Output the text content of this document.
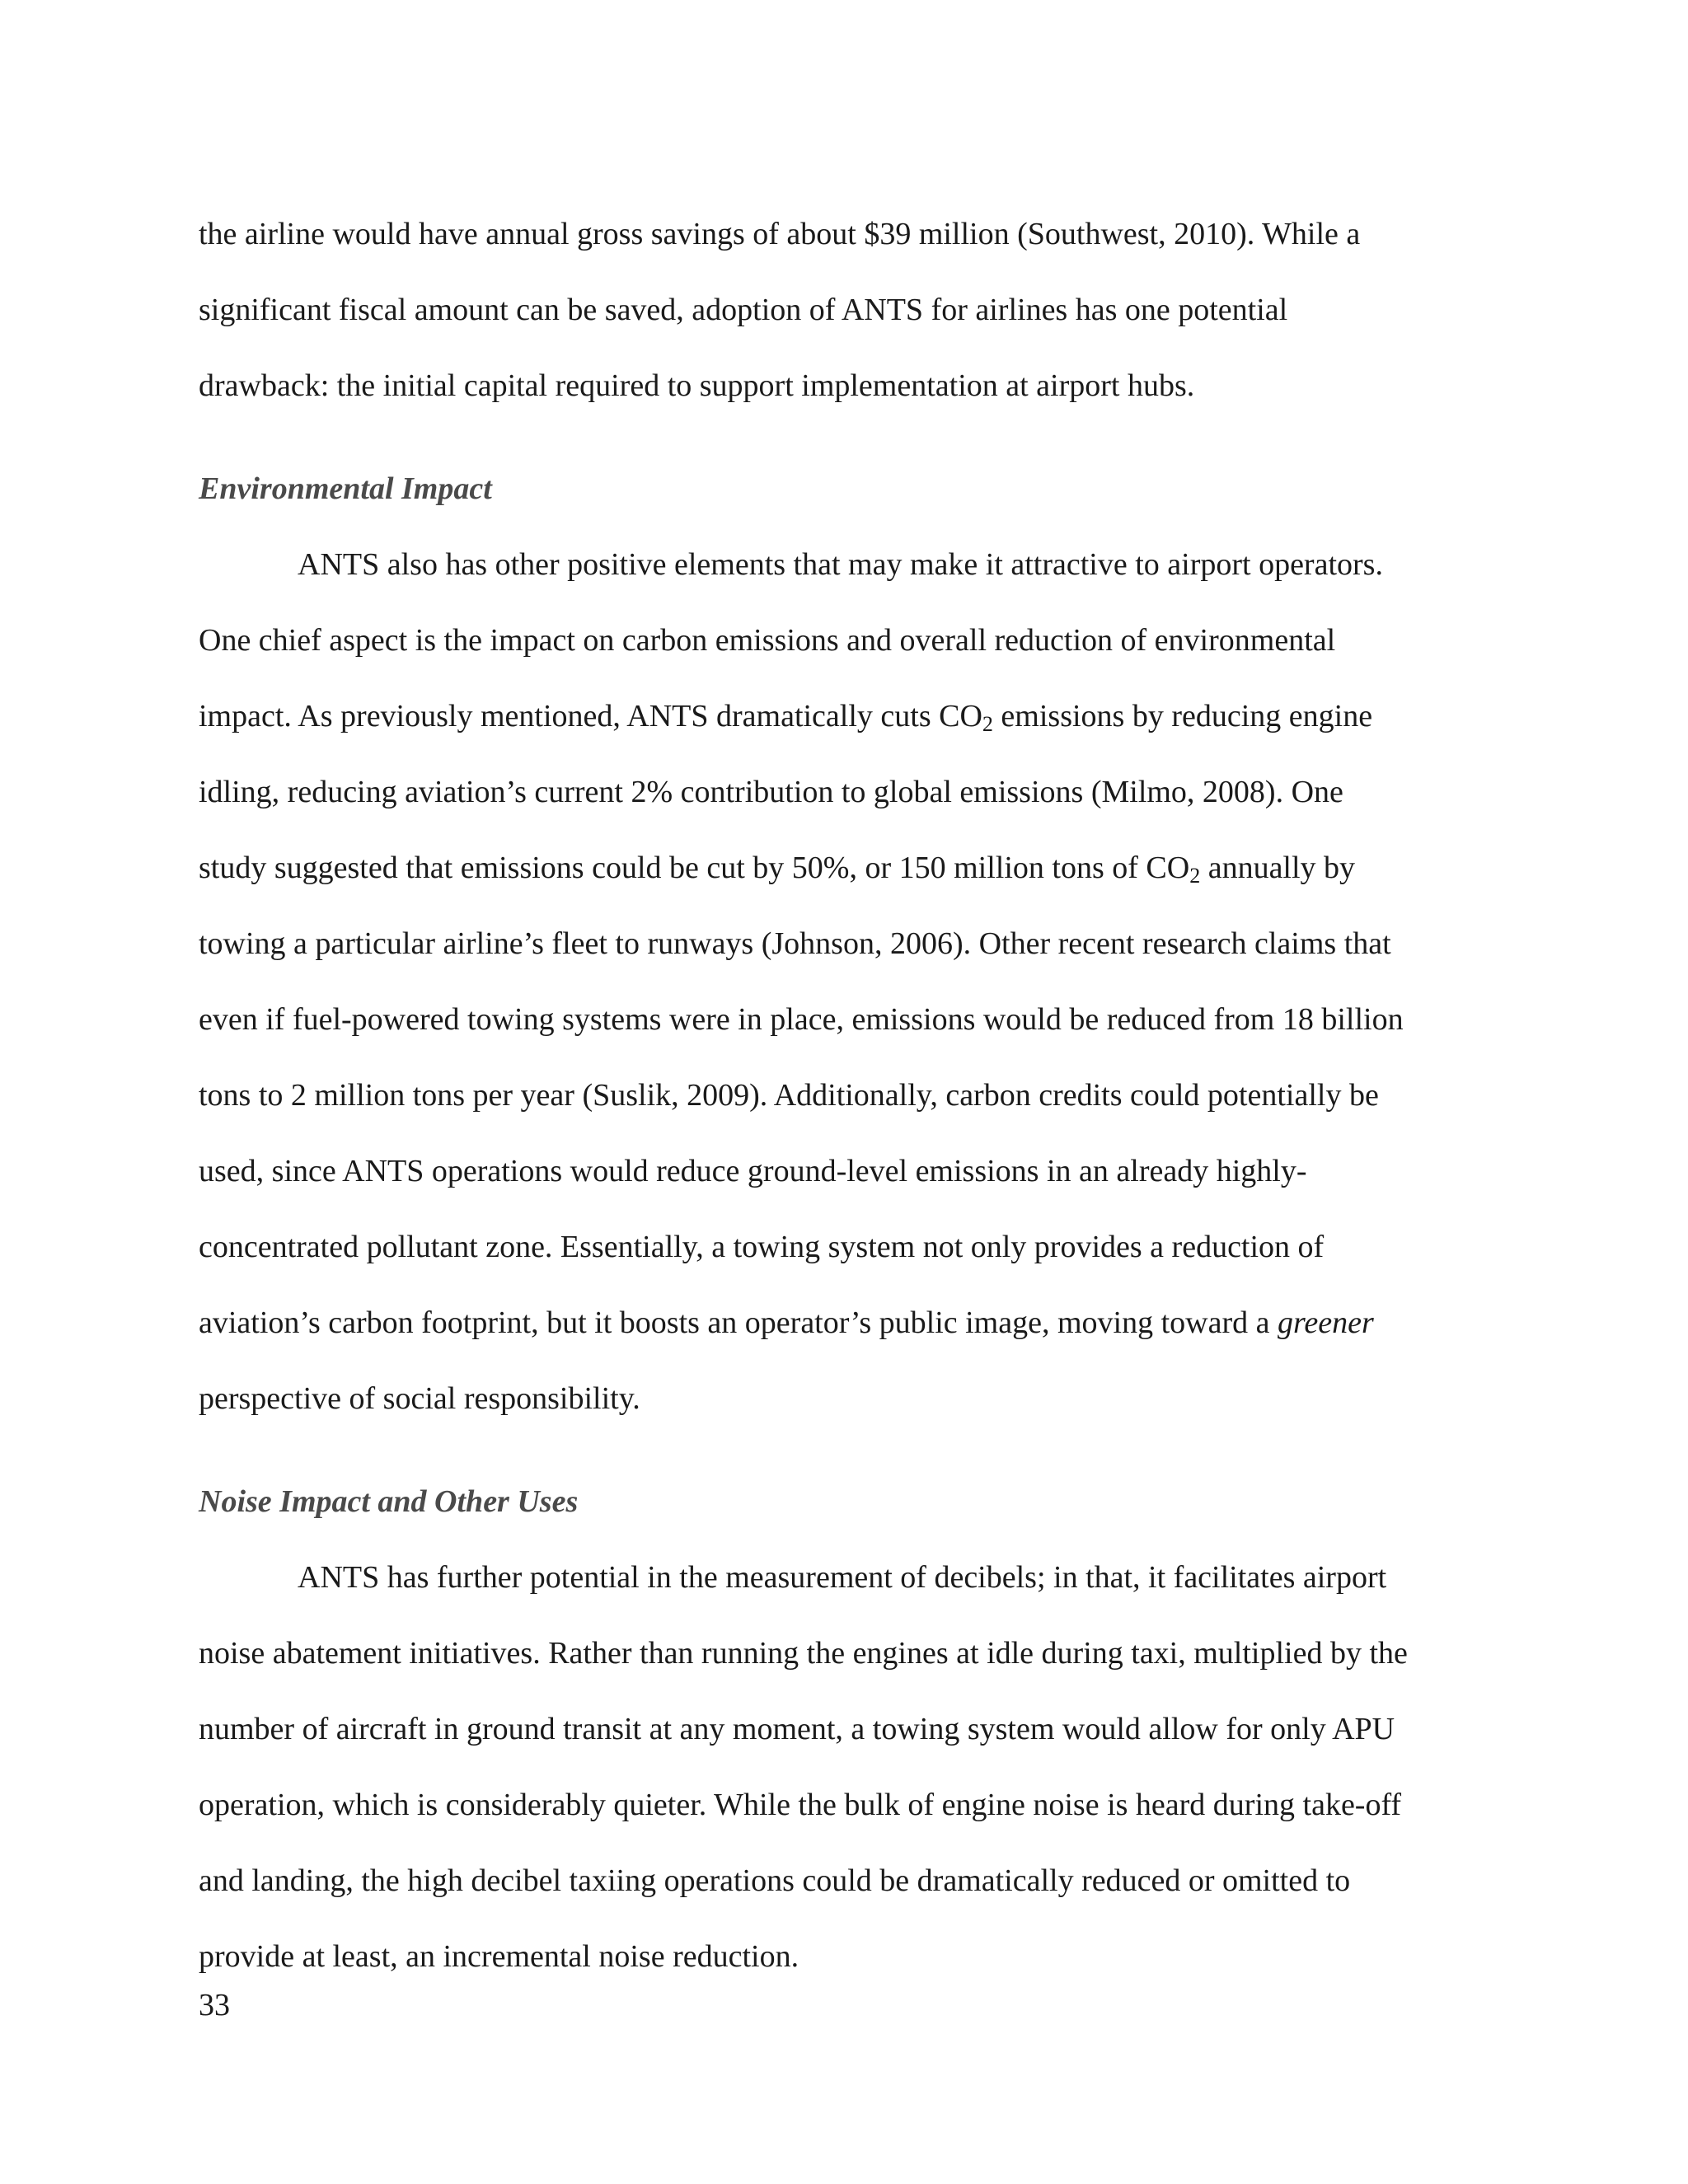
the airline would have annual gross savings of about $39 million (Southwest, 2010). While a
significant fiscal amount can be saved, adoption of ANTS for airlines has one potential
drawback: the initial capital required to support implementation at airport hubs.
Environmental Impact
ANTS also has other positive elements that may make it attractive to airport operators.
One chief aspect is the impact on carbon emissions and overall reduction of environmental
impact. As previously mentioned, ANTS dramatically cuts $CO_2$ emissions by reducing engine
idling, reducing aviation’s current 2% contribution to global emissions (Milmo, 2008). One
study suggested that emissions could be cut by 50%, or 150 million tons of $CO_2$ annually by
towing a particular airline’s fleet to runways (Johnson, 2006). Other recent research claims that
even if fuel-powered towing systems were in place, emissions would be reduced from 18 billion
tons to 2 million tons per year (Suslik, 2009). Additionally, carbon credits could potentially be
used, since ANTS operations would reduce ground-level emissions in an already highly-
concentrated pollutant zone. Essentially, a towing system not only provides a reduction of
aviation’s carbon footprint, but it boosts an operator’s public image, moving toward a greener
perspective of social responsibility.
Noise Impact and Other Uses
ANTS has further potential in the measurement of decibels; in that, it facilitates airport
noise abatement initiatives. Rather than running the engines at idle during taxi, multiplied by the
number of aircraft in ground transit at any moment, a towing system would allow for only APU
operation, which is considerably quieter. While the bulk of engine noise is heard during take-off
and landing, the high decibel taxiing operations could be dramatically reduced or omitted to
provide at least, an incremental noise reduction.
33
